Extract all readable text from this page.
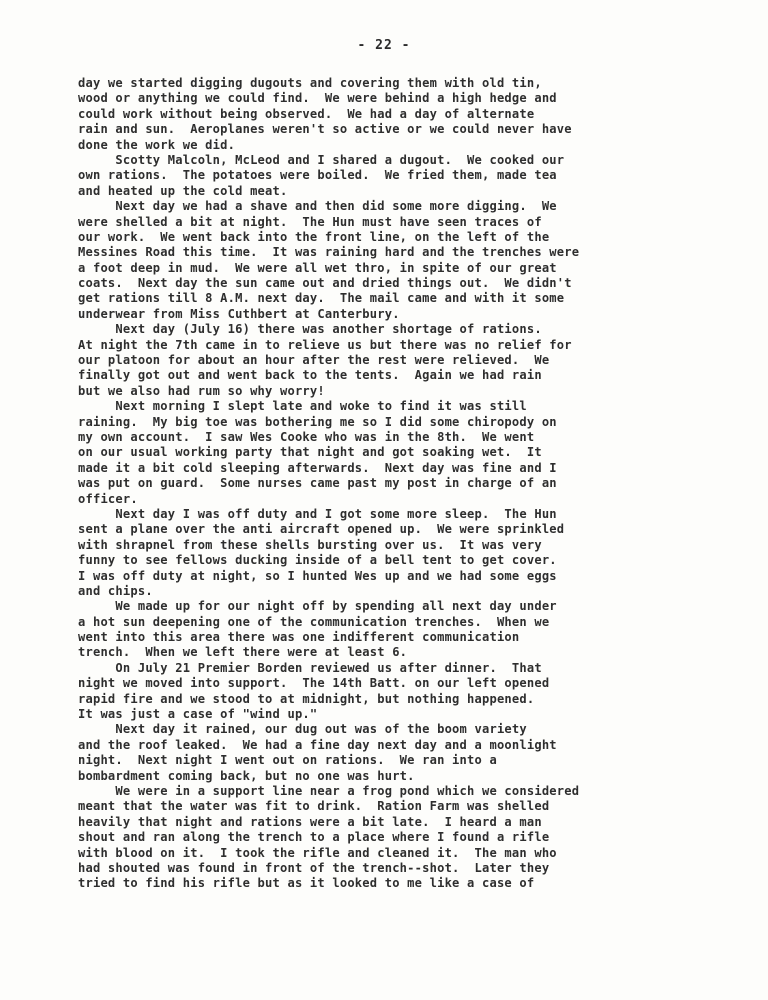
- 22 -
day we started digging dugouts and covering them with old tin,
wood or anything we could find.  We were behind a high hedge and
could work without being observed.  We had a day of alternate
rain and sun.  Aeroplanes weren't so active or we could never have
done the work we did.
Scotty Malcoln, McLeod and I shared a dugout.  We cooked our
own rations.  The potatoes were boiled.  We fried them, made tea
and heated up the cold meat.
Next day we had a shave and then did some more digging.  We
were shelled a bit at night.  The Hun must have seen traces of
our work.  We went back into the front line, on the left of the
Messines Road this time.  It was raining hard and the trenches were
a foot deep in mud.  We were all wet thro, in spite of our great
coats.  Next day the sun came out and dried things out.  We didn't
get rations till 8 A.M. next day.  The mail came and with it some
underwear from Miss Cuthbert at Canterbury.
Next day (July 16) there was another shortage of rations.
At night the 7th came in to relieve us but there was no relief for
our platoon for about an hour after the rest were relieved.  We
finally got out and went back to the tents.  Again we had rain
but we also had rum so why worry!
Next morning I slept late and woke to find it was still
raining.  My big toe was bothering me so I did some chiropody on
my own account.  I saw Wes Cooke who was in the 8th.  We went
on our usual working party that night and got soaking wet.  It
made it a bit cold sleeping afterwards.  Next day was fine and I
was put on guard.  Some nurses came past my post in charge of an
officer.
Next day I was off duty and I got some more sleep.  The Hun
sent a plane over the anti aircraft opened up.  We were sprinkled
with shrapnel from these shells bursting over us.  It was very
funny to see fellows ducking inside of a bell tent to get cover.
I was off duty at night, so I hunted Wes up and we had some eggs
and chips.
We made up for our night off by spending all next day under
a hot sun deepening one of the communication trenches.  When we
went into this area there was one indifferent communication
trench.  When we left there were at least 6.
On July 21 Premier Borden reviewed us after dinner.  That
night we moved into support.  The 14th Batt. on our left opened
rapid fire and we stood to at midnight, but nothing happened.
It was just a case of "wind up."
Next day it rained, our dug out was of the boom variety
and the roof leaked.  We had a fine day next day and a moonlight
night.  Next night I went out on rations.  We ran into a
bombardment coming back, but no one was hurt.
We were in a support line near a frog pond which we considered
meant that the water was fit to drink.  Ration Farm was shelled
heavily that night and rations were a bit late.  I heard a man
shout and ran along the trench to a place where I found a rifle
with blood on it.  I took the rifle and cleaned it.  The man who
had shouted was found in front of the trench--shot.  Later they
tried to find his rifle but as it looked to me like a case of
